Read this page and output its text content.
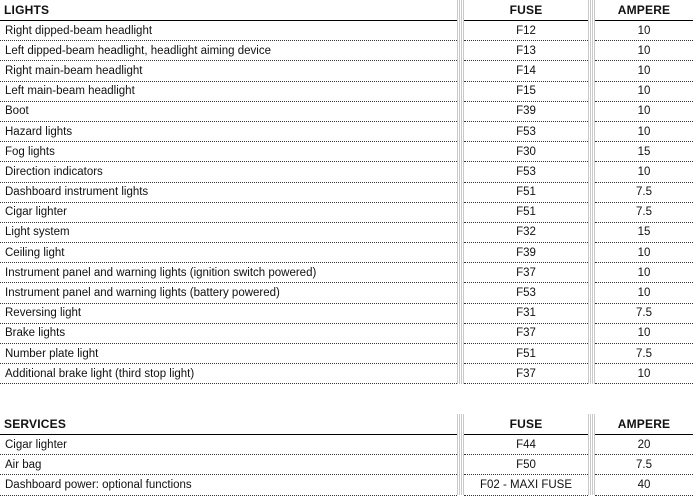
LIGHTS		FUSE		AMPERE
Right dipped-beam headlight		F12		10
Left dipped-beam headlight, headlight aiming device		F13		10
Right main-beam headlight		F14		10
Left main-beam headlight		F15		10
Boot		F39		10
Hazard lights		F53		10
Fog lights		F30		15
Direction indicators		F53		10
Dashboard instrument lights		F51		7.5
Cigar lighter		F51		7.5
Light system		F32		15
Ceiling light		F39		10
Instrument panel and warning lights (ignition switch powered)		F37		10
Instrument panel and warning lights (battery powered)		F53		10
Reversing light		F31		7.5
Brake lights		F37		10
Number plate light		F51		7.5
Additional brake light (third stop light)		F37		10
SERVICES		FUSE		AMPERE
Cigar lighter		F44		20
Air bag		F50		7.5
Dashboard power: optional functions		F02 - MAXI FUSE		40
